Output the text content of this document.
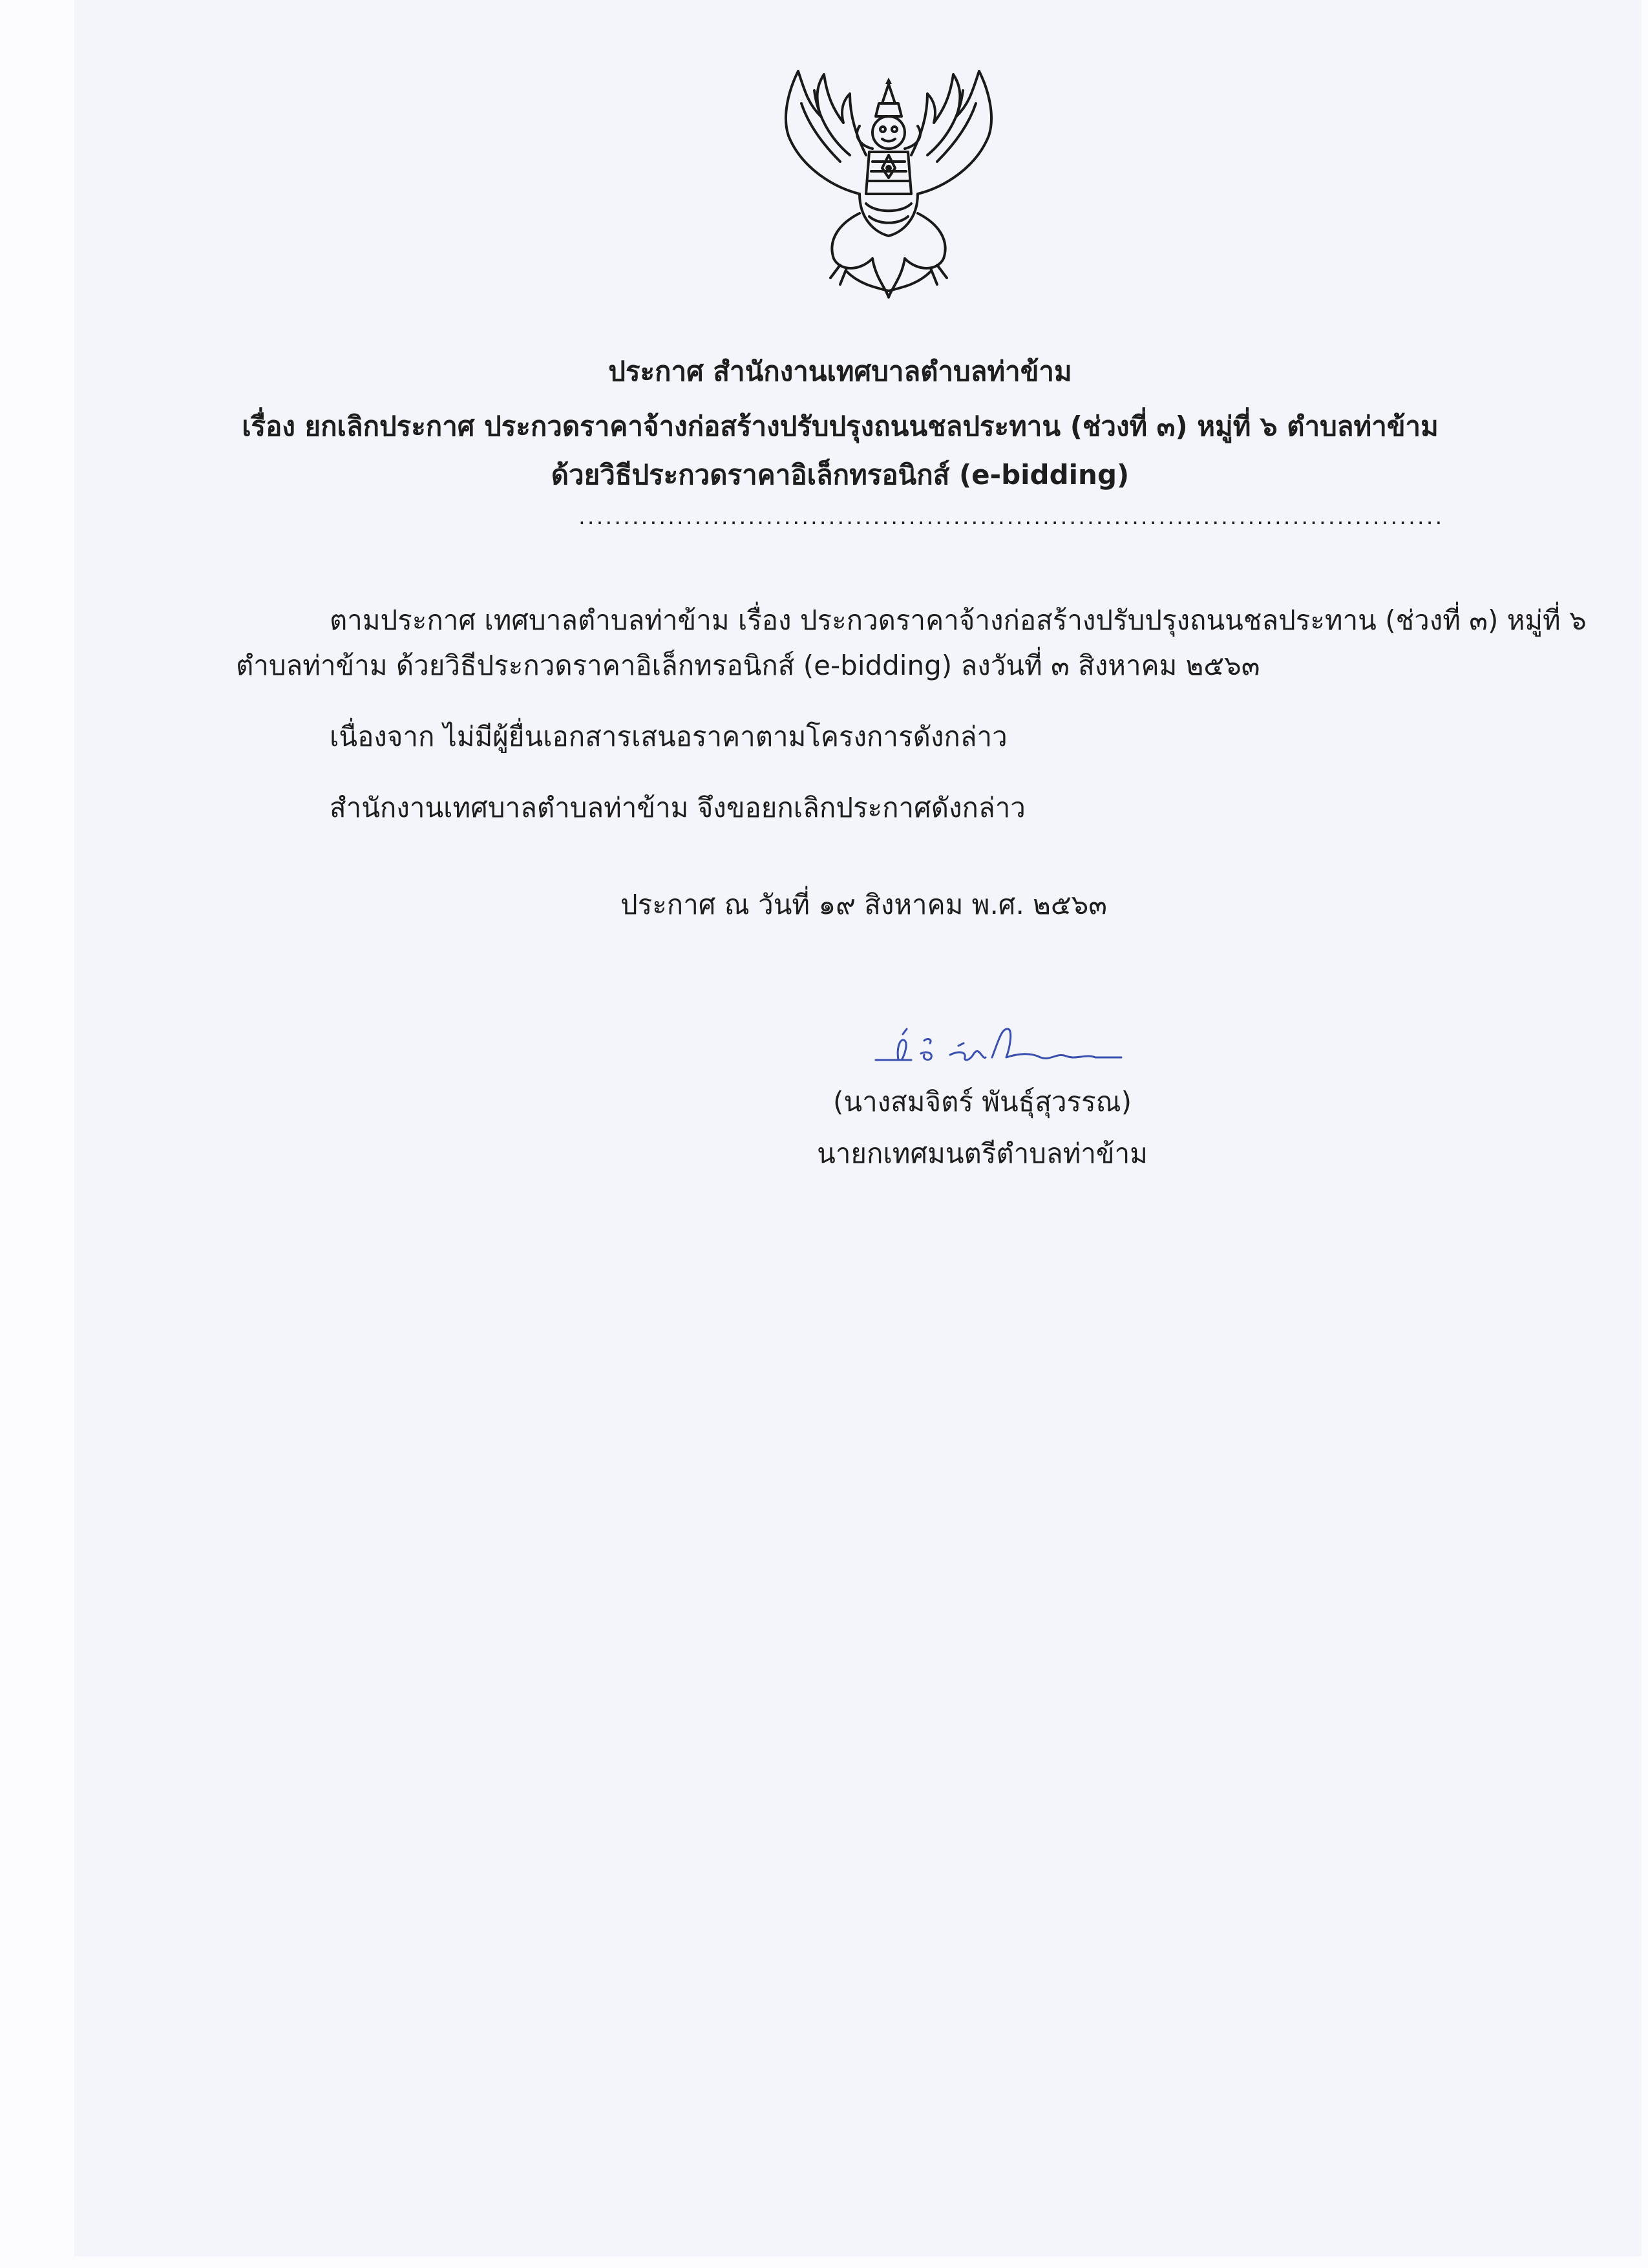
ประกาศ สำนักงานเทศบาลตำบลท่าข้าม
เรื่อง ยกเลิกประกาศ ประกวดราคาจ้างก่อสร้างปรับปรุงถนนชลประทาน (ช่วงที่ ๓) หมู่ที่ ๖ ตำบลท่าข้าม
ด้วยวิธีประกวดราคาอิเล็กทรอนิกส์ (e-bidding)
.................................................................................................
ตามประกาศ เทศบาลตำบลท่าข้าม เรื่อง ประกวดราคาจ้างก่อสร้างปรับปรุงถนนชลประทาน (ช่วงที่ ๓) หมู่ที่ ๖
ตำบลท่าข้าม ด้วยวิธีประกวดราคาอิเล็กทรอนิกส์ (e-bidding) ลงวันที่ ๓ สิงหาคม ๒๕๖๓
เนื่องจาก ไม่มีผู้ยื่นเอกสารเสนอราคาตามโครงการดังกล่าว
สำนักงานเทศบาลตำบลท่าข้าม จึงขอยกเลิกประกาศดังกล่าว
ประกาศ ณ วันที่ ๑๙ สิงหาคม พ.ศ. ๒๕๖๓
(นางสมจิตร์ พันธุ์สุวรรณ)
นายกเทศมนตรีตำบลท่าข้าม
